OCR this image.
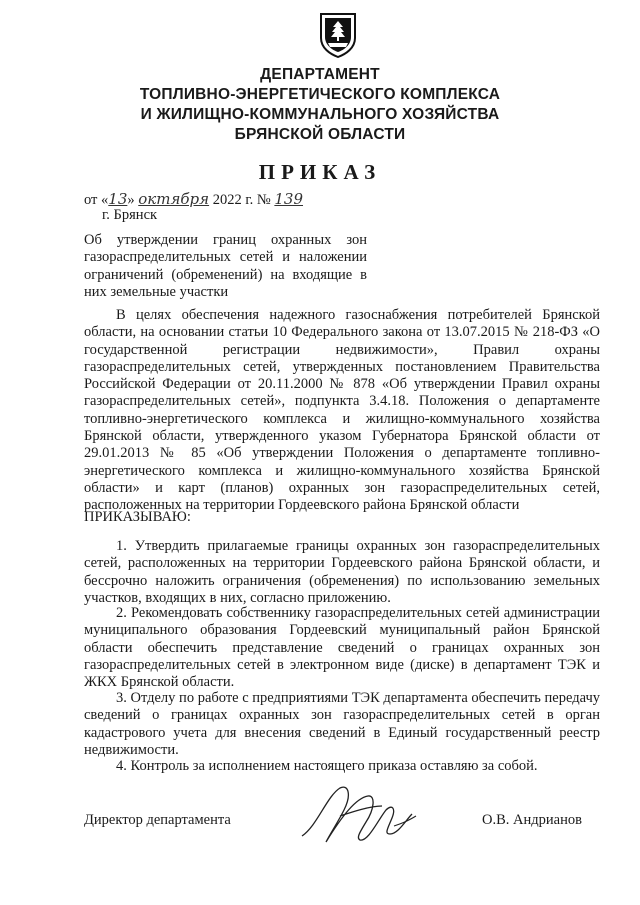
ДЕПАРТАМЕНТ
ТОПЛИВНО-ЭНЕРГЕТИЧЕСКОГО КОМПЛЕКСА
И ЖИЛИЩНО-КОММУНАЛЬНОГО ХОЗЯЙСТВА
БРЯНСКОЙ ОБЛАСТИ
ПРИКАЗ
от «13» октября 2022 г. № 139
г. Брянск
Об утверждении границ охранных зон газораспределительных сетей и наложении ограничений (обременений) на входящие в них земельные участки
В целях обеспечения надежного газоснабжения потребителей Брянской области, на основании статьи 10 Федерального закона от 13.07.2015 № 218-ФЗ «О государственной регистрации недвижимости», Правил охраны газораспределительных сетей, утвержденных постановлением Правительства Российской Федерации от 20.11.2000 № 878 «Об утверждении Правил охраны газораспределительных сетей», подпункта 3.4.18. Положения о департаменте топливно-энергетического комплекса и жилищно-коммунального хозяйства Брянской области, утвержденного указом Губернатора Брянской области от 29.01.2013 № 85 «Об утверждении Положения о департаменте топливно-энергетического комплекса и жилищно-коммунального хозяйства Брянской области» и карт (планов) охранных зон газораспределительных сетей, расположенных на территории Гордеевского района Брянской области
ПРИКАЗЫВАЮ:
1. Утвердить прилагаемые границы охранных зон газораспределительных сетей, расположенных на территории Гордеевского района Брянской области, и бессрочно наложить ограничения (обременения) по использованию земельных участков, входящих в них, согласно приложению.
2. Рекомендовать собственнику газораспределительных сетей администрации муниципального образования Гордеевский муниципальный район Брянской области обеспечить представление сведений о границах охранных зон газораспределительных сетей в электронном виде (диске) в департамент ТЭК и ЖКХ Брянской области.
3. Отделу по работе с предприятиями ТЭК департамента обеспечить передачу сведений о границах охранных зон газораспределительных сетей в орган кадастрового учета для внесения сведений в Единый государственный реестр недвижимости.
4. Контроль за исполнением настоящего приказа оставляю за собой.
Директор департамента	О.В. Андрианов
